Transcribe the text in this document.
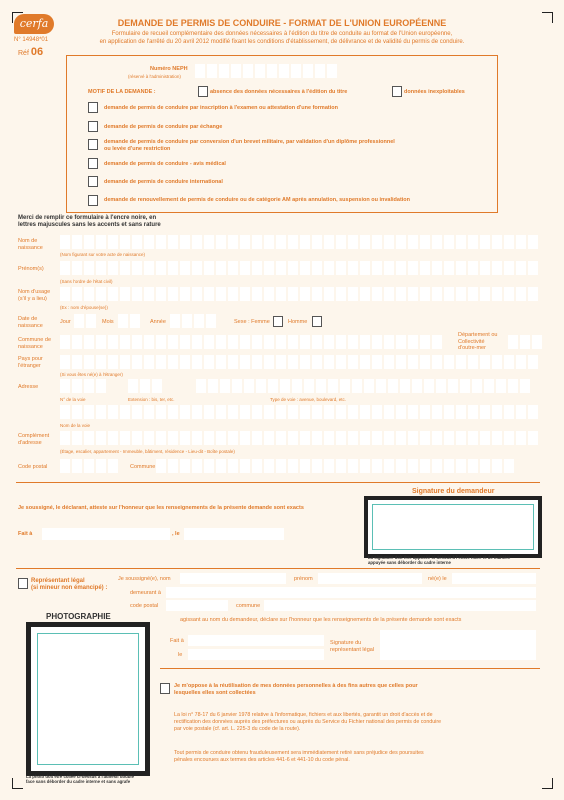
cerfa
N° 14948*01
Réf 06
DEMANDE DE PERMIS DE CONDUIRE - FORMAT DE L'UNION EUROPÉENNE
Formulaire de recueil complémentaire des données nécessaires à l'édition du titre de conduite au format de l'Union européenne,
en application de l'arrêté du 20 avril 2012 modifié fixant les conditions d'établissement, de délivrance et de validité du permis de conduire.
Numéro NEPH
(réservé à l'administration)
MOTIF DE LA DEMANDE :	absence des données nécessaires à l'édition du titre	données inexploitables
demande de permis de conduire par inscription à l'examen ou attestation d'une formation
demande de permis de conduire par échange
demande de permis de conduire par conversion d'un brevet militaire, par validation d'un diplôme professionnel
ou levée d'une restriction
demande de permis de conduire - avis médical
demande de permis de conduire international
demande de renouvellement de permis de conduire ou de catégorie AM après annulation, suspension ou invalidation
Merci de remplir ce formulaire à l'encre noire, en
lettres majuscules sans les accents et sans rature
Nom de
naissance
(Nom figurant sur votre acte de naissance)
Prénom(s)
(Sans l'ordre de l'état civil)
Nom d'usage
(s'il y a lieu)
(Ex : nom d'épouse(se))
Date de
naissance
Jour	Mois	Année	Sexe : Femme	Homme
Commune de
naissance
Département ou
Collectivité
d'outre-mer
Pays pour
l'étranger
(Si vous êtes né(e) à l'étranger)
Adresse
N° de la voie	Extension : bis, ter, etc.	Type de voie : avenue, boulevard, etc.
Nom de la voie
Complément
d'adresse
(Étage, escalier, appartement - Immeuble, bâtiment, résidence - Lieu-dit - Boîte postale)
Code postal	Commune
Signature du demandeur
Je soussigné, le déclarant, atteste sur l'honneur que les renseignements de la présente demande sont exacts
Fait à	, le
La signature doit être apposée ci-dessus à l'encre noire et de manière
appuyée sans déborder du cadre interne
Représentant légal
(si mineur non émancipé) :
Je soussigné(e), nom	prénom	né(e) le
demeurant à
code postal	commune
agissant au nom du demandeur, déclare sur l'honneur que les renseignements de la présente demande sont exacts
Fait à
le
Signature du
représentant légal
PHOTOGRAPHIE
La photo doit être collée ci-dessus à l'adhésif double
face sans déborder du cadre interne et sans agrafe
Je m'oppose à la réutilisation de mes données personnelles à des fins autres que celles pour
lesquelles elles sont collectées
La loi n° 78-17 du 6 janvier 1978 relative à l'informatique, fichiers et aux libertés, garantit un droit d'accès et de
rectification des données auprès des préfectures ou auprès du Service du Fichier national des permis de conduire
par voie postale (cf. art. L. 225-3 du code de la route).
Tout permis de conduire obtenu frauduleusement sera immédiatement retiré sans préjudice des poursuites
pénales encourues aux termes des articles 441-6 et 441-10 du code pénal.
